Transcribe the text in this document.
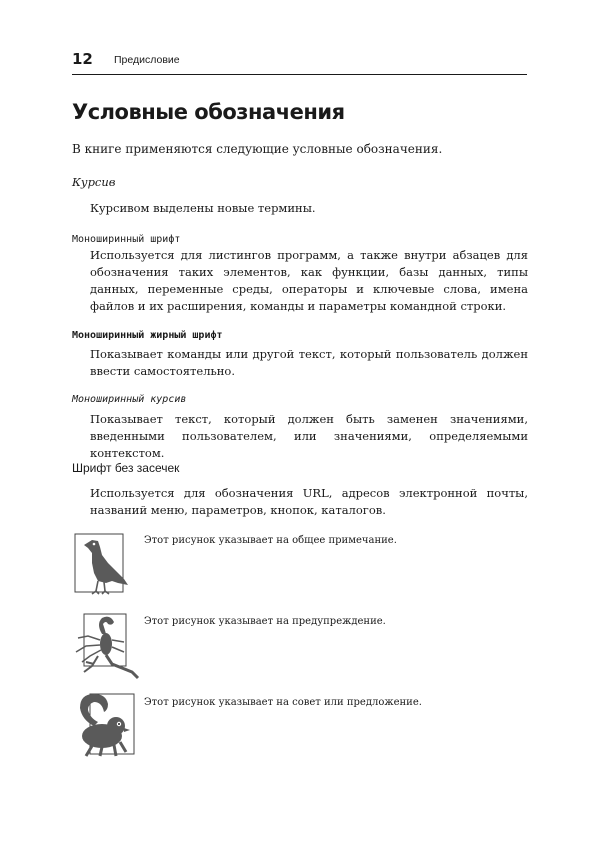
12 Предисловие
Условные обозначения

В книге применяются следующие условные обозначения.

Курсив

Курсивом выделены новые термины.

Моноширинный шрифт

Используется для листингов программ, а также внутри абзацев для обозначения таких элементов, как функции, базы данных, типы данных, переменные среды, операторы и ключевые слова, имена файлов и их расширения, команды и параметры командной строки.

Моноширинный жирный шрифт

Показывает команды или другой текст, который пользователь должен ввести самостоятельно.

Моноширинный курсив

Показывает текст, который должен быть заменен значениями, введенными пользователем, или значениями, определяемыми контекстом.

Шрифт без засечек

Используется для обозначения URL, адресов электронной почты, названий меню, параметров, кнопок, каталогов.

Этот рисунок указывает на общее примечание.

Этот рисунок указывает на предупреждение.

Этот рисунок указывает на совет или предложение.
